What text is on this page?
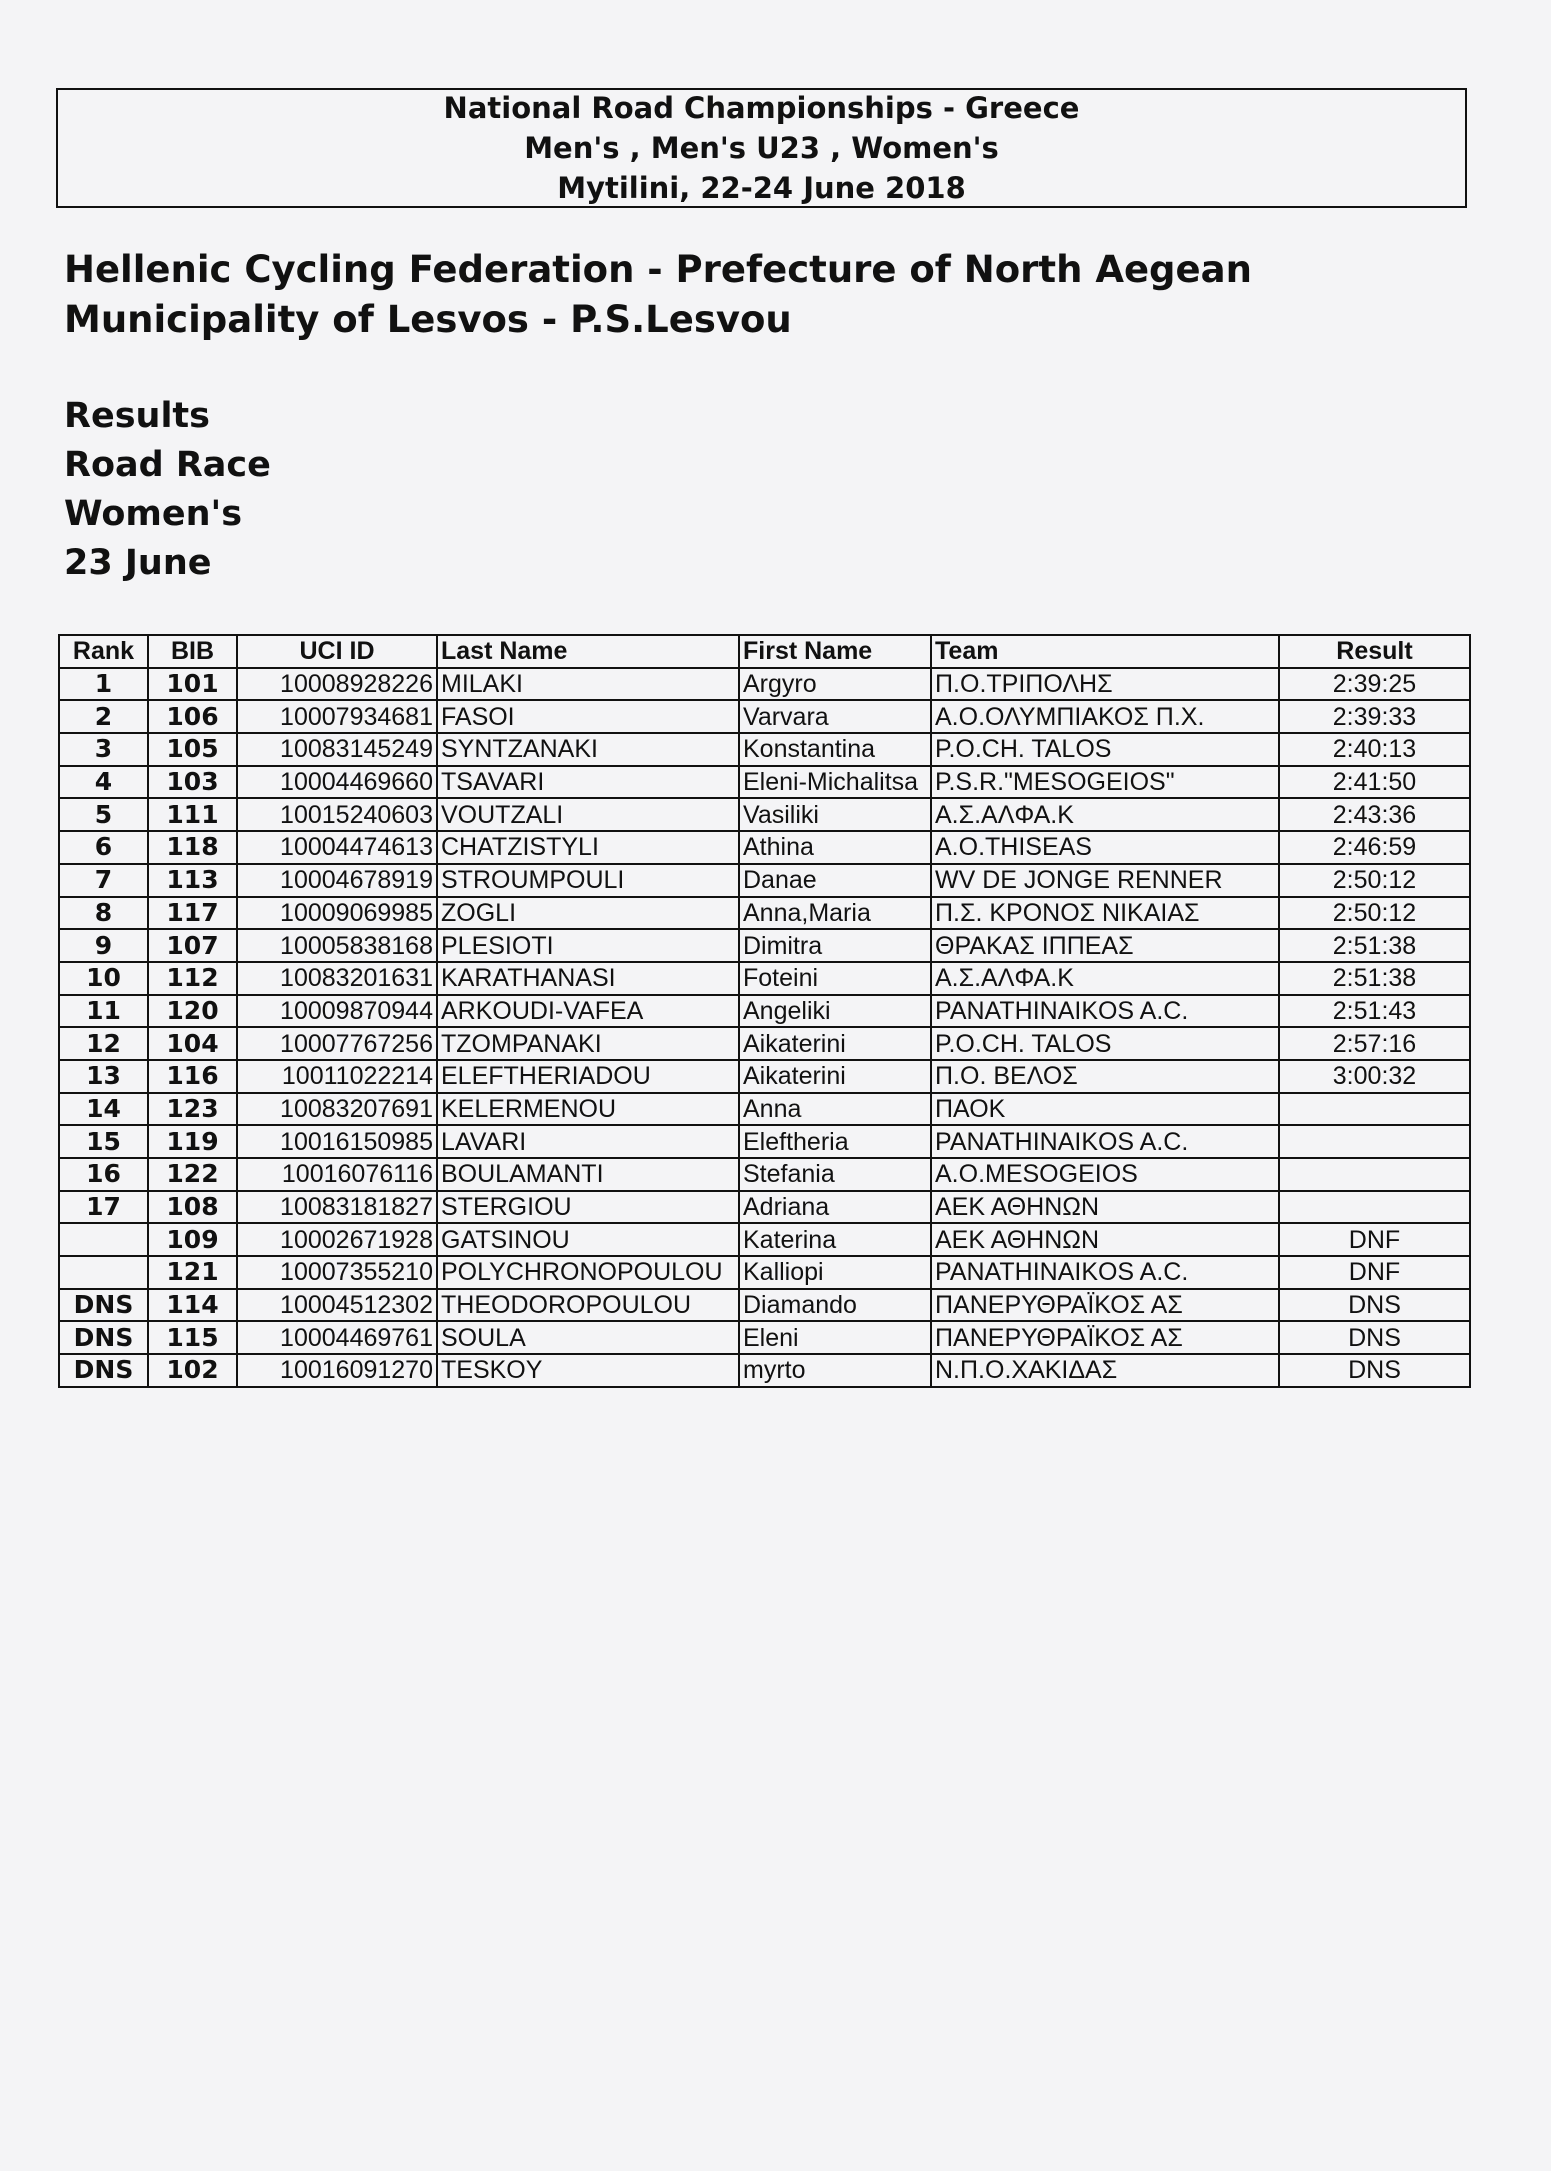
National Road Championships - Greece
Men's , Men's U23 , Women's
Mytilini, 22-24 June 2018
Hellenic Cycling Federation - Prefecture of North Aegean
Municipality of Lesvos - P.S.Lesvou
Results
Road Race
Women's
23 June
Rank	BIB	UCI ID	Last Name	First Name	Team	Result
1	101	10008928226	MILAKI	Argyro	Π.Ο.ΤΡΙΠΟΛΗΣ	2:39:25
2	106	10007934681	FASOI	Varvara	Α.Ο.ΟΛΥΜΠΙΑΚΟΣ Π.Χ.	2:39:33
3	105	10083145249	SYNTZANAKI	Konstantina	P.O.CH. TALOS	2:40:13
4	103	10004469660	TSAVARI	Eleni-Michalitsa	P.S.R."MESOGEIOS"	2:41:50
5	111	10015240603	VOUTZALI	Vasiliki	Α.Σ.ΑΛΦΑ.Κ	2:43:36
6	118	10004474613	CHATZISTYLI	Athina	A.O.THISEAS	2:46:59
7	113	10004678919	STROUMPOULI	Danae	WV DE JONGE RENNER	2:50:12
8	117	10009069985	ZOGLI	Anna,Maria	Π.Σ. ΚΡΟΝΟΣ ΝΙΚΑΙΑΣ	2:50:12
9	107	10005838168	PLESIOTI	Dimitra	ΘΡΑΚΑΣ ΙΠΠΕΑΣ	2:51:38
10	112	10083201631	KARATHANASI	Foteini	Α.Σ.ΑΛΦΑ.Κ	2:51:38
11	120	10009870944	ARKOUDI-VAFEA	Angeliki	PANATHINAIKOS A.C.	2:51:43
12	104	10007767256	TZOMPANAKI	Aikaterini	P.O.CH. TALOS	2:57:16
13	116	10011022214	ELEFTHERIADOU	Aikaterini	Π.Ο. ΒΕΛΟΣ	3:00:32
14	123	10083207691	KELERMENOU	Anna	ΠΑΟΚ	
15	119	10016150985	LAVARI	Eleftheria	PANATHINAIKOS A.C.	
16	122	10016076116	BOULAMANTI	Stefania	A.O.MESOGEIOS	
17	108	10083181827	STERGIOU	Adriana	ΑΕΚ ΑΘΗΝΩΝ	
	109	10002671928	GATSINOU	Katerina	ΑΕΚ ΑΘΗΝΩΝ	DNF
	121	10007355210	POLYCHRONOPOULOU	Kalliopi	PANATHINAIKOS A.C.	DNF
DNS	114	10004512302	THEODOROPOULOU	Diamando	ΠΑΝΕΡΥΘΡΑΪΚΟΣ ΑΣ	DNS
DNS	115	10004469761	SOULA	Eleni	ΠΑΝΕΡΥΘΡΑΪΚΟΣ ΑΣ	DNS
DNS	102	10016091270	TESKOY	myrto	Ν.Π.Ο.ΧΑΚΙΔΑΣ	DNS
